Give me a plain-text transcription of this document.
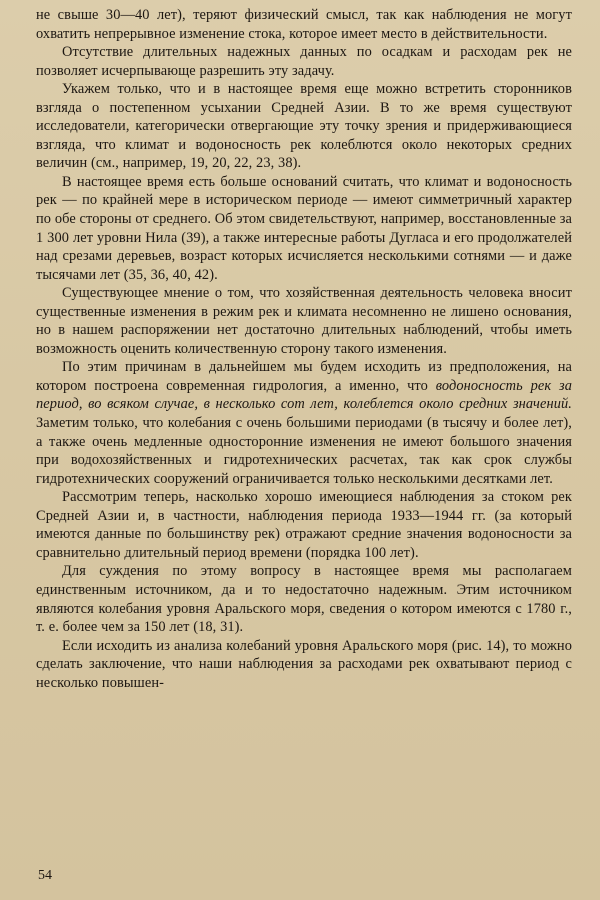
не свыше 30—40 лет), теряют физический смысл, так как наблюдения не могут охватить непрерывное изменение стока, которое имеет место в действительности.

Отсутствие длительных надежных данных по осадкам и расходам рек не позволяет исчерпывающе разрешить эту задачу.

Укажем только, что и в настоящее время еще можно встретить сторонников взгляда о постепенном усыхании Средней Азии. В то же время существуют исследователи, категорически отвергающие эту точку зрения и придерживающиеся взгляда, что климат и водоносность рек колеблются около некоторых средних величин (см., например, 19, 20, 22, 23, 38).

В настоящее время есть больше оснований считать, что климат и водоносность рек — по крайней мере в историческом периоде — имеют симметричный характер по обе стороны от среднего. Об этом свидетельствуют, например, восстановленные за 1 300 лет уровни Нила (39), а также интересные работы Дугласа и его продолжателей над срезами деревьев, возраст которых исчисляется несколькими сотнями — и даже тысячами лет (35, 36, 40, 42).

Существующее мнение о том, что хозяйственная деятельность человека вносит существенные изменения в режим рек и климата несомненно не лишено основания, но в нашем распоряжении нет достаточно длительных наблюдений, чтобы иметь возможность оценить количественную сторону такого изменения.

По этим причинам в дальнейшем мы будем исходить из предположения, на котором построена современная гидрология, а именно, что водоносность рек за период, во всяком случае, в несколько сот лет, колеблется около средних значений. Заметим только, что колебания с очень большими периодами (в тысячу и более лет), а также очень медленные односторонние изменения не имеют большого значения при водохозяйственных и гидротехнических расчетах, так как срок службы гидротехнических сооружений ограничивается только несколькими десятками лет.

Рассмотрим теперь, насколько хорошо имеющиеся наблюдения за стоком рек Средней Азии и, в частности, наблюдения периода 1933—1944 гг. (за который имеются данные по большинству рек) отражают средние значения водоносности за сравнительно длительный период времени (порядка 100 лет).

Для суждения по этому вопросу в настоящее время мы располагаем единственным источником, да и то недостаточно надежным. Этим источником являются колебания уровня Аральского моря, сведения о котором имеются с 1780 г., т. е. более чем за 150 лет (18, 31).

Если исходить из анализа колебаний уровня Аральского моря (рис. 14), то можно сделать заключение, что наши наблюдения за расходами рек охватывают период с несколько повышен-

54
